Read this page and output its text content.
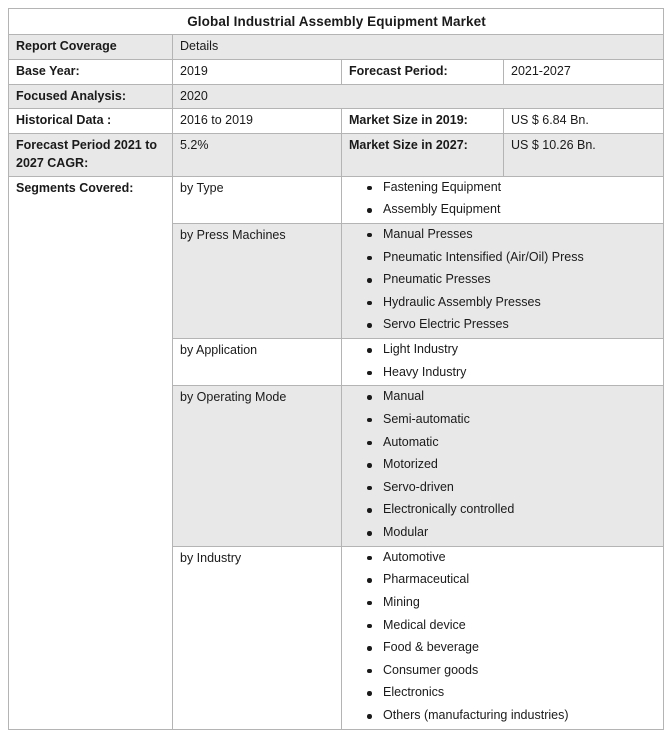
Global Industrial Assembly Equipment Market			
Report Coverage	Details		
Base Year:	2019	Forecast Period:	2021-2027
Focused Analysis:	2020		
Historical Data :	2016 to 2019	Market Size in 2019:	US $ 6.84 Bn.
Forecast Period 2021 to 2027 CAGR:	5.2%	Market Size in 2027:	US $ 10.26 Bn.
Segments Covered:	by Type	Fastening Equipment
Assembly Equipment

by Press Machines	Manual Presses
Pneumatic Intensified (Air/Oil) Press
Pneumatic Presses
Hydraulic Assembly Presses
Servo Electric Presses

by Application	Light Industry
Heavy Industry

by Operating Mode	Manual
Semi-automatic
Automatic
Motorized
Servo-driven
Electronically controlled
Modular

by Industry	Automotive
Pharmaceutical
Mining
Medical device
Food & beverage
Consumer goods
Electronics
Others (manufacturing industries)
